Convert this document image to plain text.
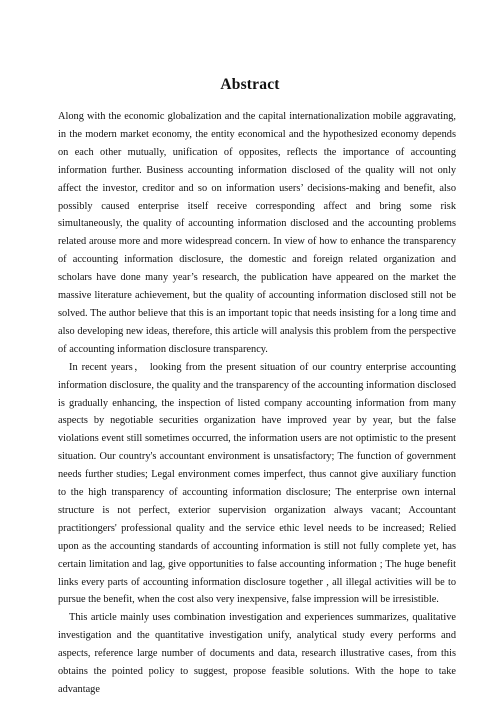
Abstract

Along with the economic globalization and the capital internationalization mobile aggravating, in the modern market economy, the entity economical and the hypothesized economy depends on each other mutually, unification of opposites, reflects the importance of accounting information further. Business accounting information disclosed of the quality will not only affect the investor, creditor and so on information users’ decisions-making and benefit, also possibly caused enterprise itself receive corresponding affect and bring some risk simultaneously, the quality of accounting information disclosed and the accounting problems related arouse more and more widespread concern. In view of how to enhance the transparency of accounting information disclosure, the domestic and foreign related organization and scholars have done many year’s research, the publication have appeared on the market the massive literature achievement, but the quality of accounting information disclosed still not be solved. The author believe that this is an important topic that needs insisting for a long time and also developing new ideas, therefore, this article will analysis this problem from the perspective of accounting information disclosure transparency.

In recent years， looking from the present situation of our country enterprise accounting information disclosure, the quality and the transparency of the accounting information disclosed is gradually enhancing, the inspection of listed company accounting information from many aspects by negotiable securities organization have improved year by year, but the false violations event still sometimes occurred, the information users are not optimistic to the present situation. Our country's accountant environment is unsatisfactory; The function of government needs further studies; Legal environment comes imperfect, thus cannot give auxiliary function to the high transparency of accounting information disclosure; The enterprise own internal structure is not perfect, exterior supervision organization always vacant; Accountant practitiongers' professional quality and the service ethic level needs to be increased; Relied upon as the accounting standards of accounting information is still not fully complete yet, has certain limitation and lag, give opportunities to false accounting information ; The huge benefit links every parts of accounting information disclosure together , all illegal activities will be to pursue the benefit, when the cost also very inexpensive, false impression will be irresistible.

This article mainly uses combination investigation and experiences summarizes, qualitative investigation and the quantitative investigation unify, analytical study every performs and aspects, reference large number of documents and data, research illustrative cases, from this obtains the pointed policy to suggest, propose feasible solutions. With the hope to take advantage
